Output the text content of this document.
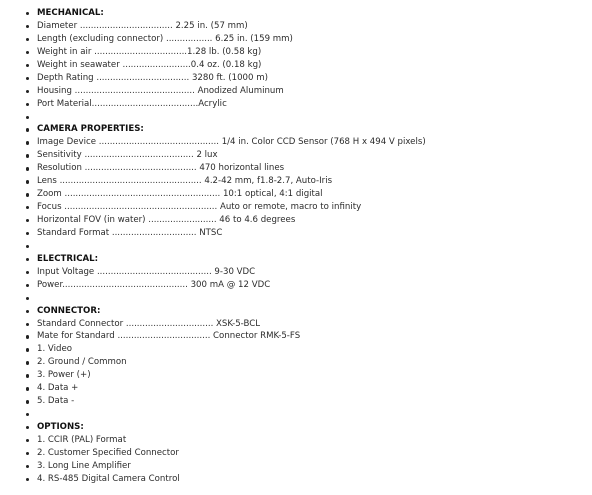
MECHANICAL:
Diameter .................................. 2.25 in. (57 mm)
Length (excluding connector) ................. 6.25 in. (159 mm)
Weight in air ..................................1.28 lb. (0.58 kg)
Weight in seawater .........................0.4 oz. (0.18 kg)
Depth Rating .................................. 3280 ft. (1000 m)
Housing ............................................ Anodized Aluminum
Port Material.......................................Acrylic
CAMERA PROPERTIES:
Image Device ............................................ 1/4 in. Color CCD Sensor (768 H x 494 V pixels)
Sensitivity ........................................ 2 lux
Resolution ......................................... 470 horizontal lines
Lens .................................................... 4.2-42 mm, f1.8-2.7, Auto-Iris
Zoom ......................................................... 10:1 optical, 4:1 digital
Focus ........................................................ Auto or remote, macro to infinity
Horizontal FOV (in water) ......................... 46 to 4.6 degrees
Standard Format ............................... NTSC
ELECTRICAL:
Input Voltage .......................................... 9-30 VDC
Power.............................................. 300 mA @ 12 VDC
CONNECTOR:
Standard Connector ................................ XSK-5-BCL
Mate for Standard .................................. Connector RMK-5-FS
1. Video
2. Ground / Common
3. Power (+)
4. Data +
5. Data -
OPTIONS:
1. CCIR (PAL) Format
2. Customer Specified Connector
3. Long Line Amplifier
4. RS-485 Digital Camera Control
